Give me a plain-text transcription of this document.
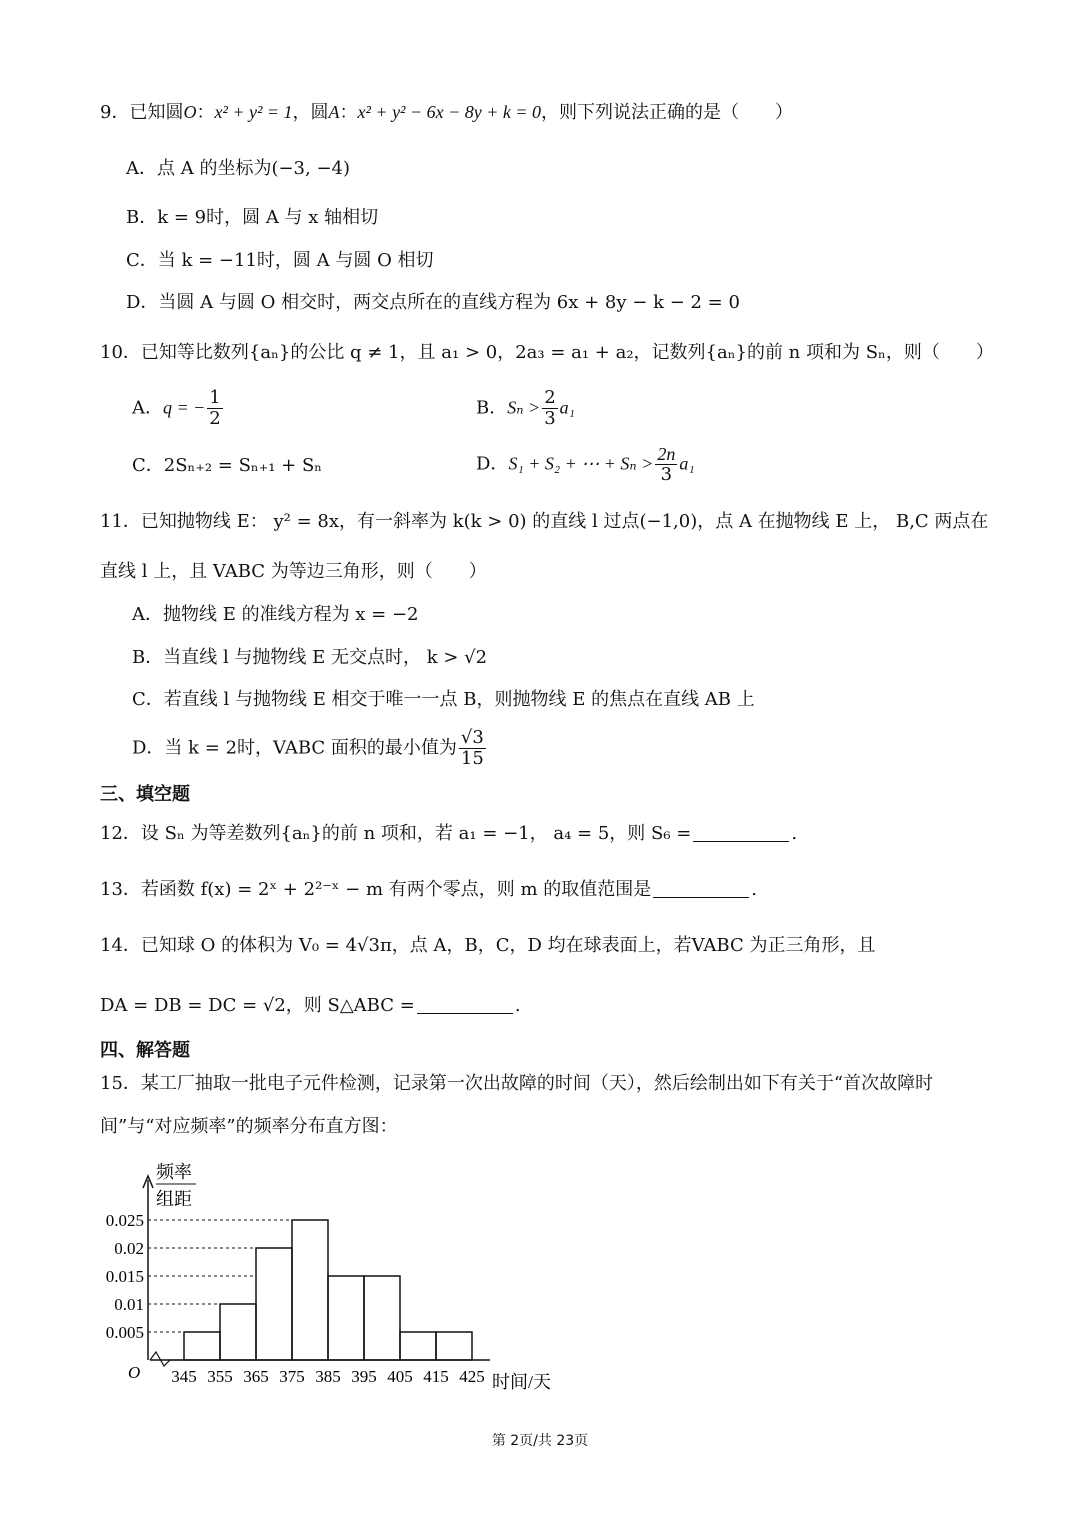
9．已知圆O：x² + y² = 1，圆A：x² + y² − 6x − 8y + k = 0，则下列说法正确的是（　　）
A．点 A 的坐标为(−3, −4)
B．k = 9时，圆 A 与 x 轴相切
C．当 k = −11时，圆 A 与圆 O 相切
D．当圆 A 与圆 O 相交时，两交点所在的直线方程为 6x + 8y − k − 2 = 0
10．已知等比数列{aₙ}的公比 q ≠ 1，且 a₁ > 0，2a₃ = a₁ + a₂，记数列{aₙ}的前 n 项和为 Sₙ，则（　　）
A．q = − $\frac{1}{2}$	B．$S_n > \frac{2}{3} a_1$
C．2Sₙ₊₂ = Sₙ₊₁ + Sₙ	D．S₁ + S₂ + ⋯ + $S_n > \frac{2n}{3} a_1$
11．已知抛物线 E： y² = 8x，有一斜率为 k(k > 0) 的直线 l 过点(−1,0)，点 A 在抛物线 E 上， B,C 两点在
直线 l 上，且 VABC 为等边三角形，则（　　）
A．抛物线 E 的准线方程为 x = −2
B．当直线 l 与抛物线 E 无交点时， k > √2
C．若直线 l 与抛物线 E 相交于唯一一点 B，则抛物线 E 的焦点在直线 AB 上
D．当 k = 2时，VABC 面积的最小值为 $\frac{√3}{15}$
三、填空题
12．设 Sₙ 为等差数列{aₙ}的前 n 项和，若 a₁ = −1， a₄ = 5，则 S₆ =	.
13．若函数 f(x) = 2ˣ + 2²⁻ˣ − m 有两个零点，则 m 的取值范围是	.
14．已知球 O 的体积为 V₀ = 4√3π，点 A，B，C，D 均在球表面上，若VABC 为正三角形，且
DA = DB = DC = √2，则 S△ABC =	.
四、解答题
15．某工厂抽取一批电子元件检测，记录第一次出故障的时间（天），然后绘制出如下有关于“首次故障时
间”与“对应频率”的频率分布直方图：
频率
组距
O
0.005
0.01
0.015
0.02
0.025
345 355 365 375 385 395 405 415 425 时间/天
第 2页/共 23页
